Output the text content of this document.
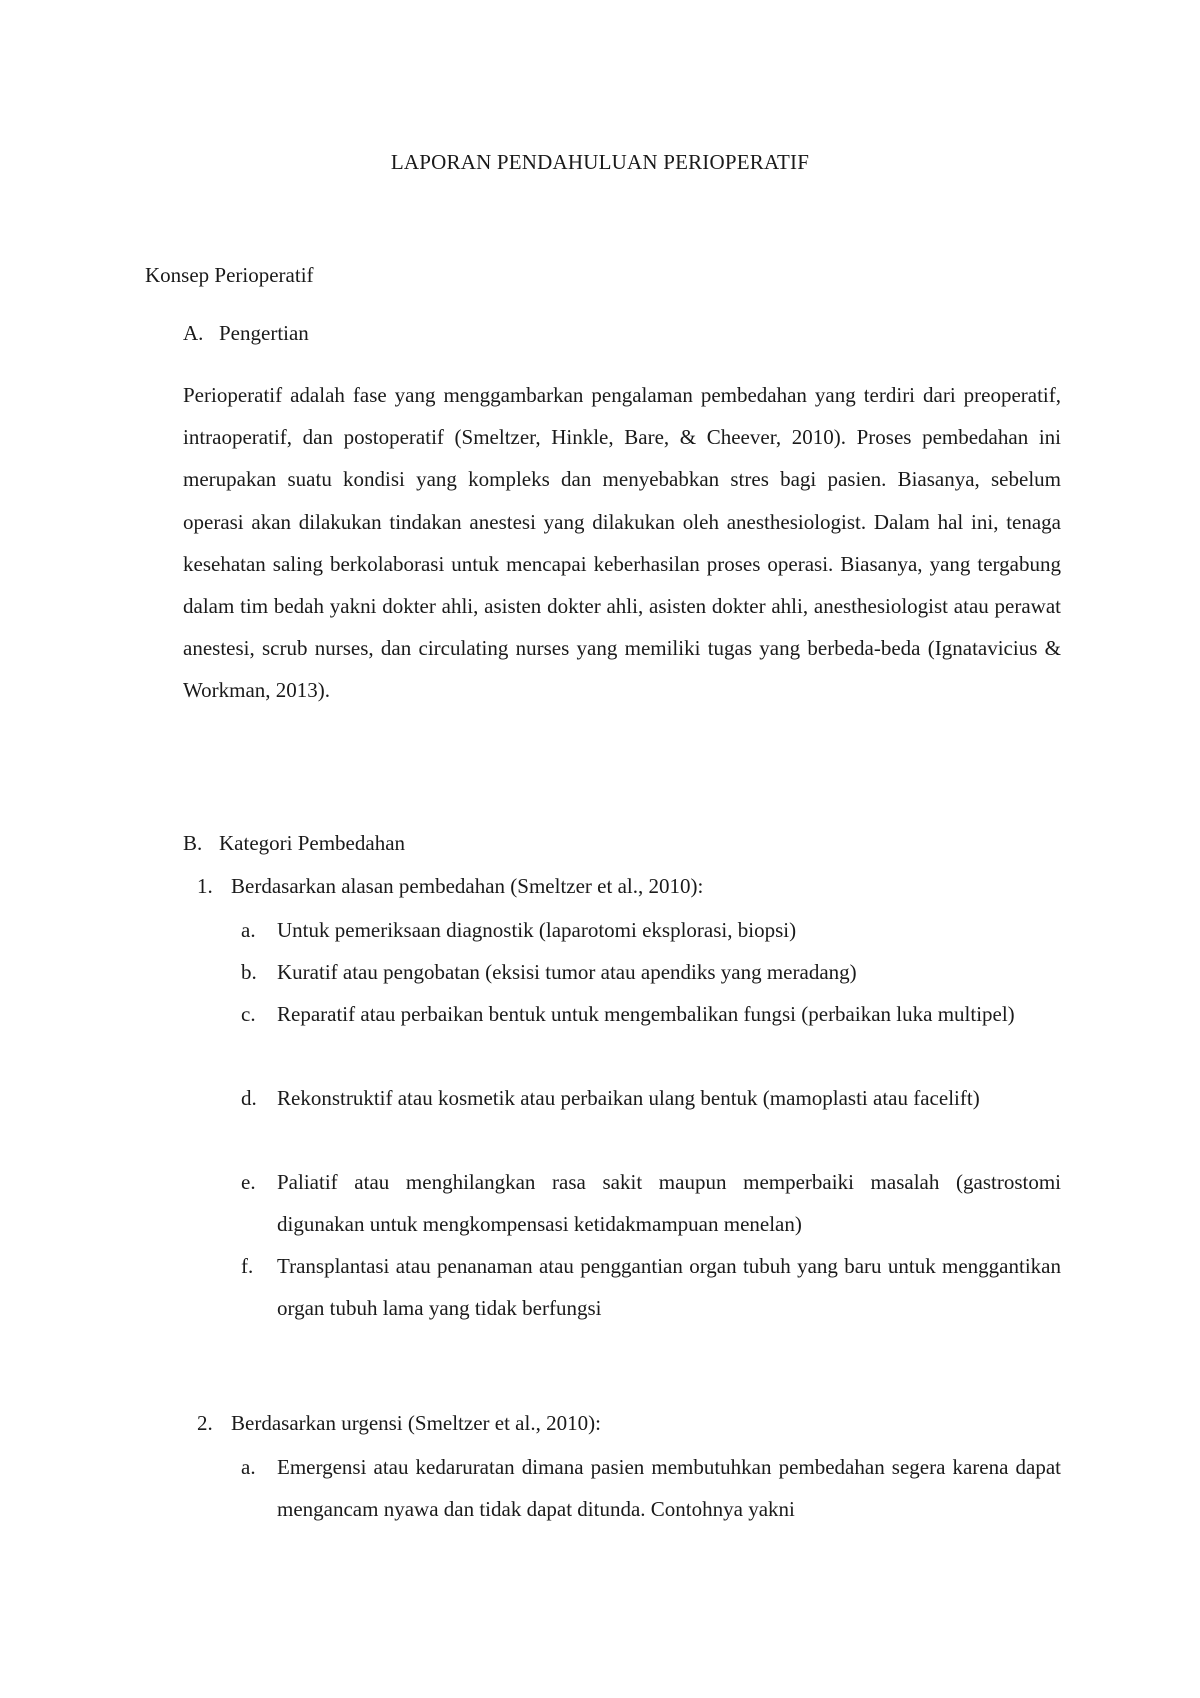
LAPORAN PENDAHULUAN PERIOPERATIF
Konsep Perioperatif
A. Pengertian
Perioperatif adalah fase yang menggambarkan pengalaman pembedahan yang terdiri dari preoperatif, intraoperatif, dan postoperatif (Smeltzer, Hinkle, Bare, & Cheever, 2010). Proses pembedahan ini merupakan suatu kondisi yang kompleks dan menyebabkan stres bagi pasien. Biasanya, sebelum operasi akan dilakukan tindakan anestesi yang dilakukan oleh anesthesiologist. Dalam hal ini, tenaga kesehatan saling berkolaborasi untuk mencapai keberhasilan proses operasi. Biasanya, yang tergabung dalam tim bedah yakni dokter ahli, asisten dokter ahli, asisten dokter ahli, anesthesiologist atau perawat anestesi, scrub nurses, dan circulating nurses yang memiliki tugas yang berbeda-beda (Ignatavicius & Workman, 2013).
B. Kategori Pembedahan
1. Berdasarkan alasan pembedahan (Smeltzer et al., 2010):
a. Untuk pemeriksaan diagnostik (laparotomi eksplorasi, biopsi)
b. Kuratif atau pengobatan (eksisi tumor atau apendiks yang meradang)
c. Reparatif atau perbaikan bentuk untuk mengembalikan fungsi (perbaikan luka multipel)
d. Rekonstruktif atau kosmetik atau perbaikan ulang bentuk (mamoplasti atau facelift)
e. Paliatif atau menghilangkan rasa sakit maupun memperbaiki masalah (gastrostomi digunakan untuk mengkompensasi ketidakmampuan menelan)
f. Transplantasi atau penanaman atau penggantian organ tubuh yang baru untuk menggantikan organ tubuh lama yang tidak berfungsi
2. Berdasarkan urgensi (Smeltzer et al., 2010):
a. Emergensi atau kedaruratan dimana pasien membutuhkan pembedahan segera karena dapat mengancam nyawa dan tidak dapat ditunda. Contohnya yakni
